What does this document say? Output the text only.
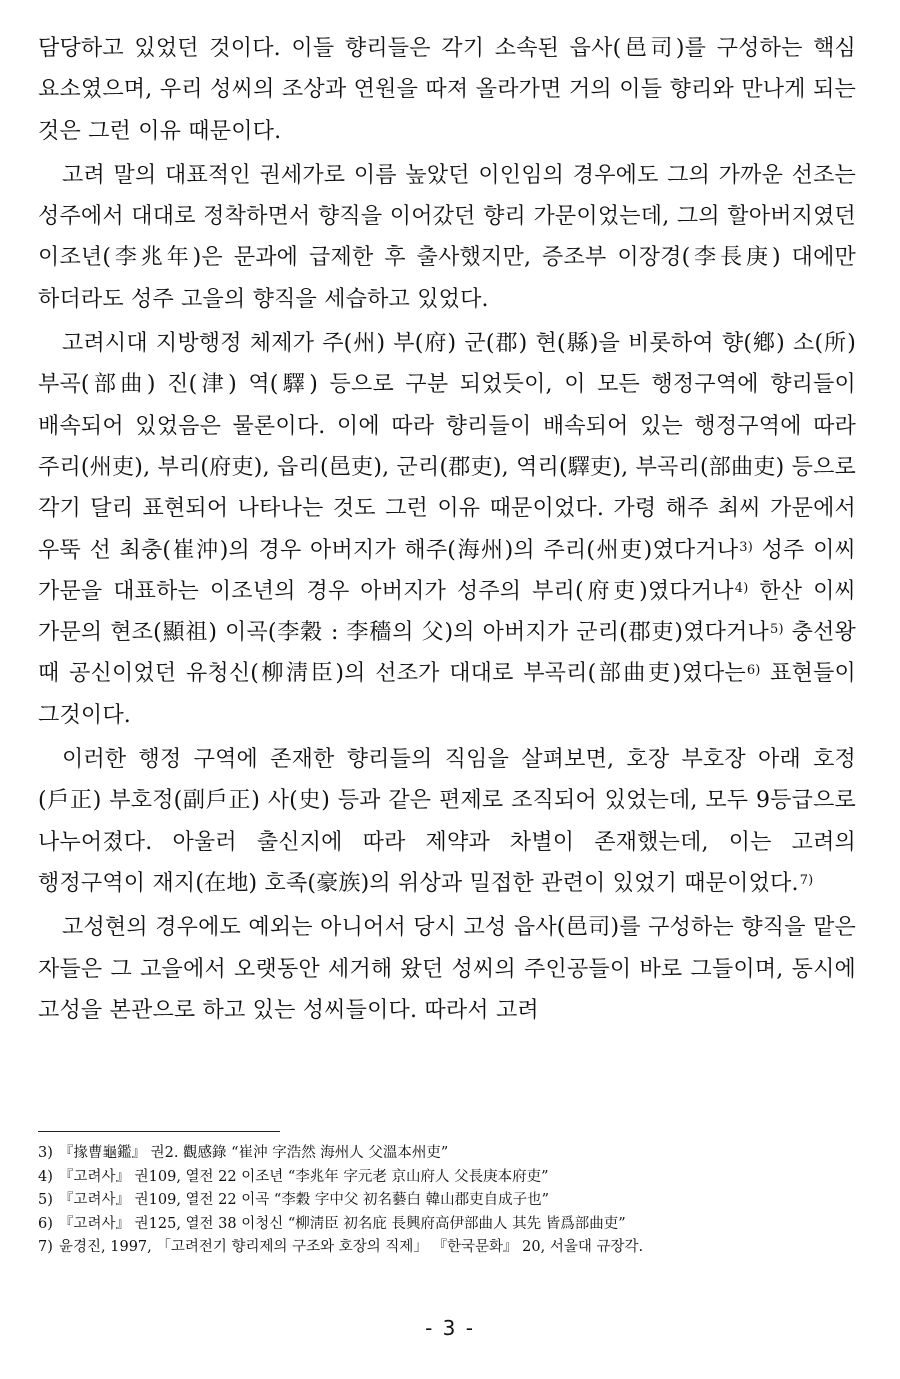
담당하고 있었던 것이다. 이들 향리들은 각기 소속된 읍사(邑司)를 구성하는 핵심 요소였으며, 우리 성씨의 조상과 연원을 따져 올라가면 거의 이들 향리와 만나게 되는 것은 그런 이유 때문이다.

고려 말의 대표적인 권세가로 이름 높았던 이인임의 경우에도 그의 가까운 선조는 성주에서 대대로 정착하면서 향직을 이어갔던 향리 가문이었는데, 그의 할아버지였던 이조년(李兆年)은 문과에 급제한 후 출사했지만, 증조부 이장경(李長庚) 대에만 하더라도 성주 고을의 향직을 세습하고 있었다.

고려시대 지방행정 체제가 주(州) 부(府) 군(郡) 현(縣)을 비롯하여 향(鄕) 소(所) 부곡(部曲) 진(津) 역(驛) 등으로 구분 되었듯이, 이 모든 행정구역에 향리들이 배속되어 있었음은 물론이다. 이에 따라 향리들이 배속되어 있는 행정구역에 따라 주리(州吏), 부리(府吏), 읍리(邑吏), 군리(郡吏), 역리(驛吏), 부곡리(部曲吏) 등으로 각기 달리 표현되어 나타나는 것도 그런 이유 때문이었다. 가령 해주 최씨 가문에서 우뚝 선 최충(崔沖)의 경우 아버지가 해주(海州)의 주리(州吏)였다거나$^{3)}$ 성주 이씨 가문을 대표하는 이조년의 경우 아버지가 성주의 부리(府吏)였다거나$^{4)}$ 한산 이씨 가문의 현조(顯祖) 이곡(李穀 : 李穡의 父)의 아버지가 군리(郡吏)였다거나$^{5)}$ 충선왕 때 공신이었던 유청신(柳淸臣)의 선조가 대대로 부곡리(部曲吏)였다는$^{6)}$ 표현들이 그것이다.

이러한 행정 구역에 존재한 향리들의 직임을 살펴보면, 호장 부호장 아래 호정(戶正) 부호정(副戶正) 사(史) 등과 같은 편제로 조직되어 있었는데, 모두 9등급으로 나누어졌다. 아울러 출신지에 따라 제약과 차별이 존재했는데, 이는 고려의 행정구역이 재지(在地) 호족(豪族)의 위상과 밀접한 관련이 있었기 때문이었다.$^{7)}$

고성현의 경우에도 예외는 아니어서 당시 고성 읍사(邑司)를 구성하는 향직을 맡은 자들은 그 고을에서 오랫동안 세거해 왔던 성씨의 주인공들이 바로 그들이며, 동시에 고성을 본관으로 하고 있는 성씨들이다. 따라서 고려

3) 『掾曹龜鑑』 권2. 觀感錄 “崔沖 字浩然 海州人 父溫本州吏”
4) 『고려사』 권109, 열전 22 이조년 “李兆年 字元老 京山府人 父長庚本府吏”
5) 『고려사』 권109, 열전 22 이곡 “李穀 字中父 初名藝白 韓山郡吏自成子也”
6) 『고려사』 권125, 열전 38 이청신 “柳淸臣 初名庇 長興府高伊部曲人 其先 皆爲部曲吏”
7) 윤경진, 1997, 「고려전기 향리제의 구조와 호장의 직제」 『한국문화』 20, 서울대 규장각.
- 3 -
